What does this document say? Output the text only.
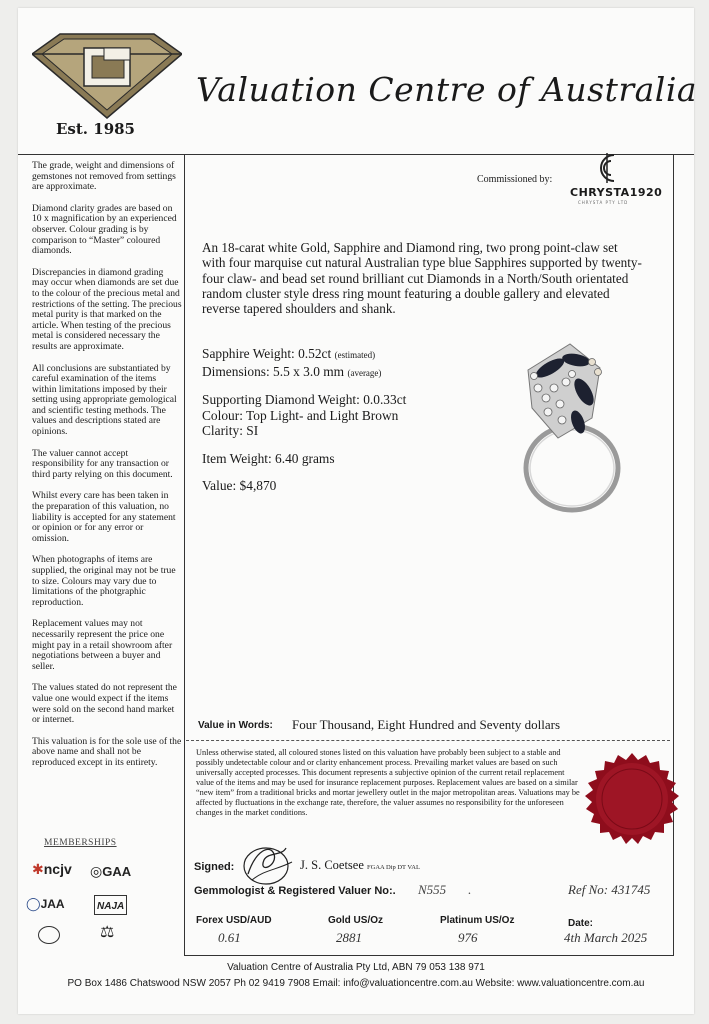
Est. 1985
Valuation Centre of Australia

The grade, weight and dimensions of gemstones not removed from settings are approximate.

Diamond clarity grades are based on 10 x magnification by an experienced observer. Colour grading is by comparison to “Master” coloured diamonds.

Discrepancies in diamond grading may occur when diamonds are set due to the colour of the precious metal and restrictions of the setting. The precious metal purity is that marked on the article. When testing of the precious metal is considered necessary the results are approximate.

All conclusions are substantiated by careful examination of the items within limitations imposed by their setting using appropriate gemological and scientific testing methods. The values and descriptions stated are opinions.

The valuer cannot accept responsibility for any transaction or third party relying on this document.

Whilst every care has been taken in the preparation of this valuation, no liability is accepted for any statement or opinion or for any error or omission.

When photographs of items are supplied, the original may not be true to size. Colours may vary due to limitations of the photgraphic reproduction.

Replacement values may not necessarily represent the price one might pay in a retail showroom after negotiations between a buyer and seller.

The values stated do not represent the value one would expect if the items were sold on the second hand market or internet.

This valuation is for the sole use of the above name and shall not be reproduced except in its entirety.

MEMBERSHIPS
✱ncjv ◎GAA
◯JAA	NAJA
⚖
Commissioned by:
CHRYSTA1920
CHRYSTA PTY LTD
An 18-carat white Gold, Sapphire and Diamond ring, two prong point-claw set with four marquise cut natural Australian type blue Sapphires supported by twenty-four claw- and bead set round brilliant cut Diamonds in a North/South orientated random cluster style dress ring mount featuring a double gallery and elevated reverse tapered shoulders and shank.
Sapphire Weight: 0.52ct (estimated)
Dimensions: 5.5 x 3.0 mm (average)
Supporting Diamond Weight: 0.0.33ct
Colour: Top Light- and Light Brown
Clarity: SI
Item Weight: 6.40 grams
Value: $4,870
Value in Words: Four Thousand, Eight Hundred and Seventy dollars
Unless otherwise stated, all coloured stones listed on this valuation have probably been subject to a stable and possibly undetectable colour and or clarity enhancement process. Prevailing market values are based on such universally accepted processes. This document represents a subjective opinion of the current retail replacement value of the items and may be used for insurance replacement purposes. Replacement values are based on a similar “new item” from a traditional bricks and mortar jewellery outlet in the major metropolitan areas. Valuations may be affected by fluctuations in the exchange rate, therefore, the valuer assumes no responsibility for the unforeseen changes in the market conditions.
Signed:	J. S. Coetsee FGAA Dip DT VAL
Gemmologist & Registered Valuer No:. N555 .	Ref No: 431745
Forex USD/AUD
0.61
Gold US/Oz
2881
Platinum US/Oz
976
Date:
4th March 2025
Valuation Centre of Australia Pty Ltd, ABN 79 053 138 971
PO Box 1486 Chatswood NSW 2057 Ph 02 9419 7908 Email: info@valuationcentre.com.au Website: www.valuationcentre.com.au
